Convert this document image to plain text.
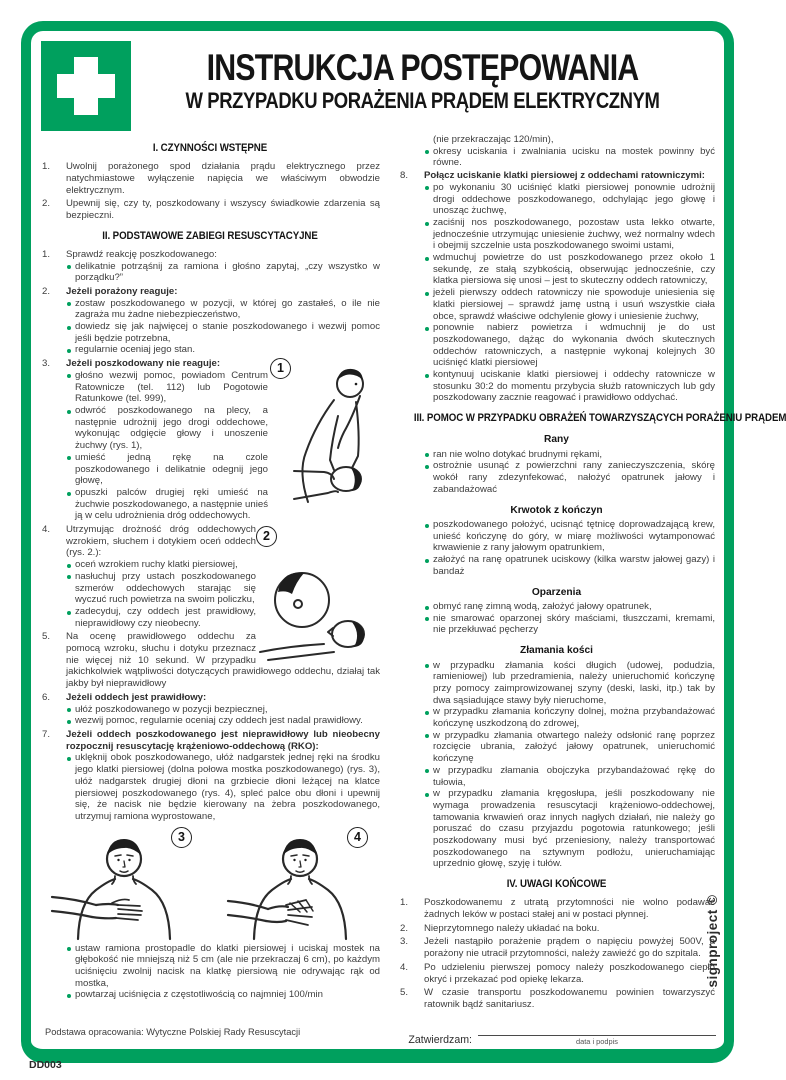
INSTRUKCJA POSTĘPOWANIA
W PRZYPADKU PORAŻENIA PRĄDEM ELEKTRYCZNYM
I. CZYNNOŚCI WSTĘPNE
1. Uwolnij porażonego spod działania prądu elektrycznego przez natychmiastowe wyłączenie napięcia we właściwym obwodzie elektrycznym.
2. Upewnij się, czy ty, poszkodowany i wszyscy świadkowie zdarzenia są bezpieczni.
II. PODSTAWOWE ZABIEGI RESUSCYTACYJNE
1. Sprawdź reakcję poszkodowanego:
delikatnie potrząśnij za ramiona i głośno zapytaj, „czy wszystko w porządku?”
2. Jeżeli porażony reaguje:
zostaw poszkodowanego w pozycji, w której go zastałeś, o ile nie zagraża mu żadne niebezpieczeństwo,
dowiedz się jak najwięcej o stanie poszkodowanego i wezwij pomoc jeśli będzie potrzebna,
regularnie oceniaj jego stan.
3.	1
Jeżeli poszkodowany nie reaguje:
głośno wezwij pomoc, powiadom Centrum Ratownicze (tel. 112) lub Pogotowie Ratunkowe (tel. 999),
odwróć poszkodowanego na plecy, a następnie udrożnij jego drogi oddechowe, wykonując odgięcie głowy i unoszenie żuchwy (rys. 1),
umieść jedną rękę na czole poszkodowanego i delikatnie odegnij jego głowę,
opuszki palców drugiej ręki umieść na żuchwie poszkodowanego, a następnie unieś ją w celu udrożnienia dróg oddechowych.
4.	2
Utrzymując drożność dróg oddechowych wzrokiem, słuchem i dotykiem oceń oddech (rys. 2.):
oceń wzrokiem ruchy klatki piersiowej,
nasłuchuj przy ustach poszkodowanego szmerów oddechowych starając się wyczuć ruch powietrza na swoim policzku,
zadecyduj, czy oddech jest prawidłowy, nieprawidłowy czy nieobecny.
5. Na ocenę prawidłowego oddechu za pomocą wzroku, słuchu i dotyku przeznacz nie więcej niż 10 sekund. W przypadku jakichkolwiek wątpliwości dotyczących prawidłowego oddechu, działaj tak jakby był nieprawidłowy
6. Jeżeli oddech jest prawidłowy:
ułóż poszkodowanego w pozycji bezpiecznej,
wezwij pomoc, regularnie oceniaj czy oddech jest nadal prawidłowy.
7. Jeżeli oddech poszkodowanego jest nieprawidłowy lub nieobecny rozpocznij resuscytację krążeniowo-oddechową (RKO):
uklęknij obok poszkodowanego, ułóż nadgarstek jednej ręki na środku jego klatki piersiowej (dolna połowa mostka poszkodowanego) (rys. 3), ułóż nadgarstek drugiej dłoni na grzbiecie dłoni leżącej na klatce piersiowej poszkodowanego (rys. 4), spleć palce obu dłoni i upewnij się, że nacisk nie będzie kierowany na żebra poszkodowanego, utrzymuj ramiona wyprostowane,
3	4
ustaw ramiona prostopadle do klatki piersiowej i uciskaj mostek na głębokość nie mniejszą niż 5 cm (ale nie przekraczaj 6 cm), po każdym uciśnięciu zwolnij nacisk na klatkę piersiową nie odrywając rąk od mostka,
powtarzaj uciśnięcia z częstotliwością co najmniej 100/min
(nie przekraczając 120/min),
okresy uciskania i zwalniania ucisku na mostek powinny być równe.
8. Połącz uciskanie klatki piersiowej z oddechami ratowniczymi:
po wykonaniu 30 uciśnięć klatki piersiowej ponownie udrożnij drogi oddechowe poszkodowanego, odchylając jego głowę i unosząc żuchwę,
zaciśnij nos poszkodowanego, pozostaw usta lekko otwarte, jednocześnie utrzymując uniesienie żuchwy, weź normalny wdech i obejmij szczelnie usta poszkodowanego swoimi ustami,
wdmuchuj powietrze do ust poszkodowanego przez około 1 sekundę, ze stałą szybkością, obserwując jednocześnie, czy klatka piersiowa się unosi – jest to skuteczny oddech ratowniczy,
jeżeli pierwszy oddech ratowniczy nie spowoduje uniesienia się klatki piersiowej – sprawdź jamę ustną i usuń wszystkie ciała obce, sprawdź właściwe odchylenie głowy i uniesienie żuchwy,
ponownie nabierz powietrza i wdmuchnij je do ust poszkodowanego, dążąc do wykonania dwóch skutecznych oddechów ratowniczych, a następnie wykonaj kolejnych 30 uciśnięć klatki piersiowej
kontynuuj uciskanie klatki piersiowej i oddechy ratownicze w stosunku 30:2 do momentu przybycia służb ratowniczych lub gdy poszkodowany zacznie reagować i prawidłowo oddychać.
III. POMOC W PRZYPADKU OBRAŻEŃ TOWARZYSZĄCYCH PORAŻENIU PRĄDEM
Rany
ran nie wolno dotykać brudnymi rękami,
ostrożnie usunąć z powierzchni rany zanieczyszczenia, skórę wokół rany zdezynfekować, nałożyć opatrunek jałowy i zabandażować
Krwotok z kończyn
poszkodowanego położyć, ucisnąć tętnicę doprowadzającą krew, unieść kończynę do góry, w miarę możliwości wytamponować krwawienie z rany jałowym opatrunkiem,
założyć na ranę opatrunek uciskowy (kilka warstw jałowej gazy) i bandaż
Oparzenia
obmyć ranę zimną wodą, założyć jałowy opatrunek,
nie smarować oparzonej skóry maściami, tłuszczami, kremami, nie przekłuwać pęcherzy
Złamania kości
w przypadku złamania kości długich (udowej, podudzia, ramieniowej) lub przedramienia, należy unieruchomić kończynę przy pomocy zaimprowizowanej szyny (deski, laski, itp.) tak by dwa sąsiadujące stawy były nieruchome,
w przypadku złamania kończyny dolnej, można przybandażować kończynę uszkodzoną do zdrowej,
w przypadku złamania otwartego należy odsłonić ranę poprzez rozcięcie ubrania, założyć jałowy opatrunek, unieruchomić kończynę
w przypadku złamania obojczyka przybandażować rękę do tułowia,
w przypadku złamania kręgosłupa, jeśli poszkodowany nie wymaga prowadzenia resuscytacji krążeniowo-oddechowej, tamowania krwawień oraz innych nagłych działań, nie należy go poruszać do czasu przyjazdu pogotowia ratunkowego; jeśli poszkodowany musi być przeniesiony, należy transportować poszkodowanego na sztywnym podłożu, unieruchamiając uprzednio głowę, szyję i tułów.
IV. UWAGI KOŃCOWE
1. Poszkodowanemu z utratą przytomności nie wolno podawać żadnych leków w postaci stałej ani w postaci płynnej.
2. Nieprzytomnego należy układać na boku.
3. Jeżeli nastąpiło porażenie prądem o napięciu powyżej 500V, a porażony nie utracił przytomności, należy zawieźć go do szpitala.
4. Po udzieleniu pierwszej pomocy należy poszkodowanego ciepło okryć i przekazać pod opiekę lekarza.
5. W czasie transportu poszkodowanemu powinien towarzyszyć ratownik bądź sanitariusz.
Podstawa opracowania: Wytyczne Polskiej Rady Resuscytacji
Zatwierdzam:	data i podpis
DD003
signproject ©
